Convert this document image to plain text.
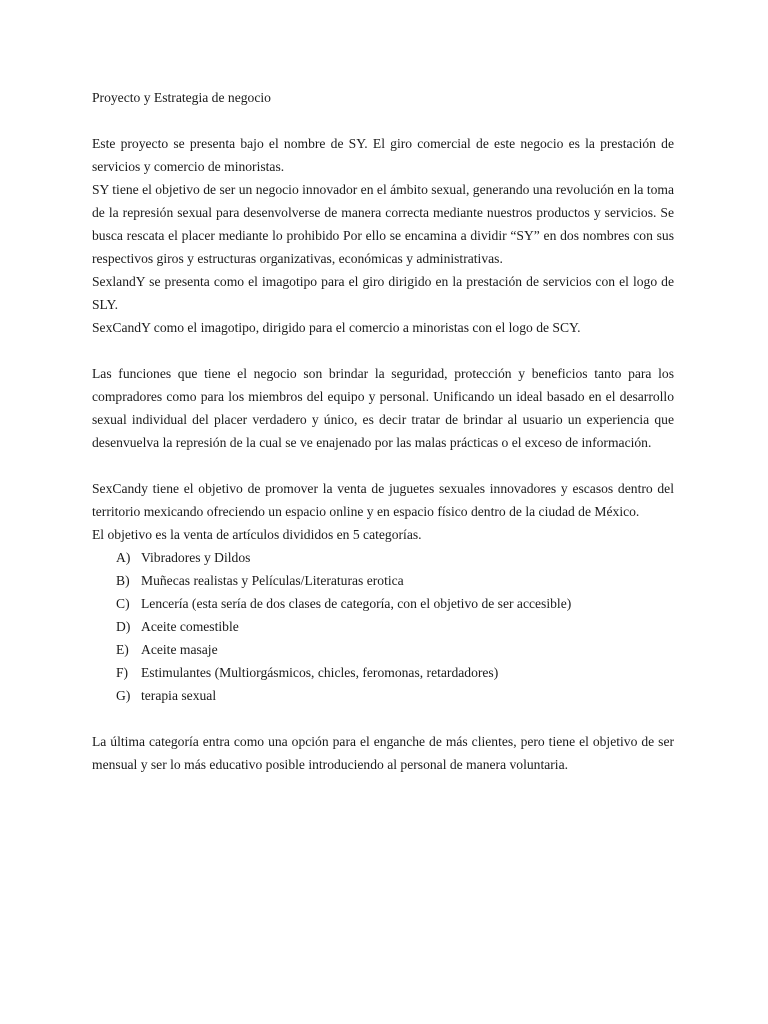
Proyecto y Estrategia de negocio

Este proyecto se presenta bajo el nombre de SY. El giro comercial de este negocio es la prestación de servicios y comercio de minoristas.

SY tiene el objetivo de ser un negocio innovador en el ámbito sexual, generando una revolución en la toma de la represión sexual para desenvolverse de manera correcta mediante nuestros productos y servicios. Se busca rescata el placer mediante lo prohibido Por ello se encamina a dividir “SY” en dos nombres con sus respectivos giros y estructuras organizativas, económicas y administrativas.

SexlandY se presenta como el imagotipo para el giro dirigido en la prestación de servicios con el logo de SLY.

SexCandY como el imagotipo, dirigido para el comercio a minoristas con el logo de SCY.

Las funciones que tiene el negocio son brindar la seguridad, protección y beneficios tanto para los compradores como para los miembros del equipo y personal. Unificando un ideal basado en el desarrollo sexual individual del placer verdadero y único, es decir tratar de brindar al usuario un experiencia que desenvuelva la represión de la cual se ve enajenado por las malas prácticas o el exceso de información.

SexCandy tiene el objetivo de promover la venta de juguetes sexuales innovadores y escasos dentro del territorio mexicando ofreciendo un espacio online y en espacio físico dentro de la ciudad de México.

El objetivo es la venta de artículos divididos en 5 categorías.

A) Vibradores y Dildos
B) Muñecas realistas y Películas/Literaturas erotica
C) Lencería (esta sería de dos clases de categoría, con el objetivo de ser accesible)
D) Aceite comestible
E) Aceite masaje
F) Estimulantes (Multiorgásmicos, chicles, feromonas, retardadores)
G) terapia sexual

La última categoría entra como una opción para el enganche de más clientes, pero tiene el objetivo de ser mensual y ser lo más educativo posible introduciendo al personal de manera voluntaria.
